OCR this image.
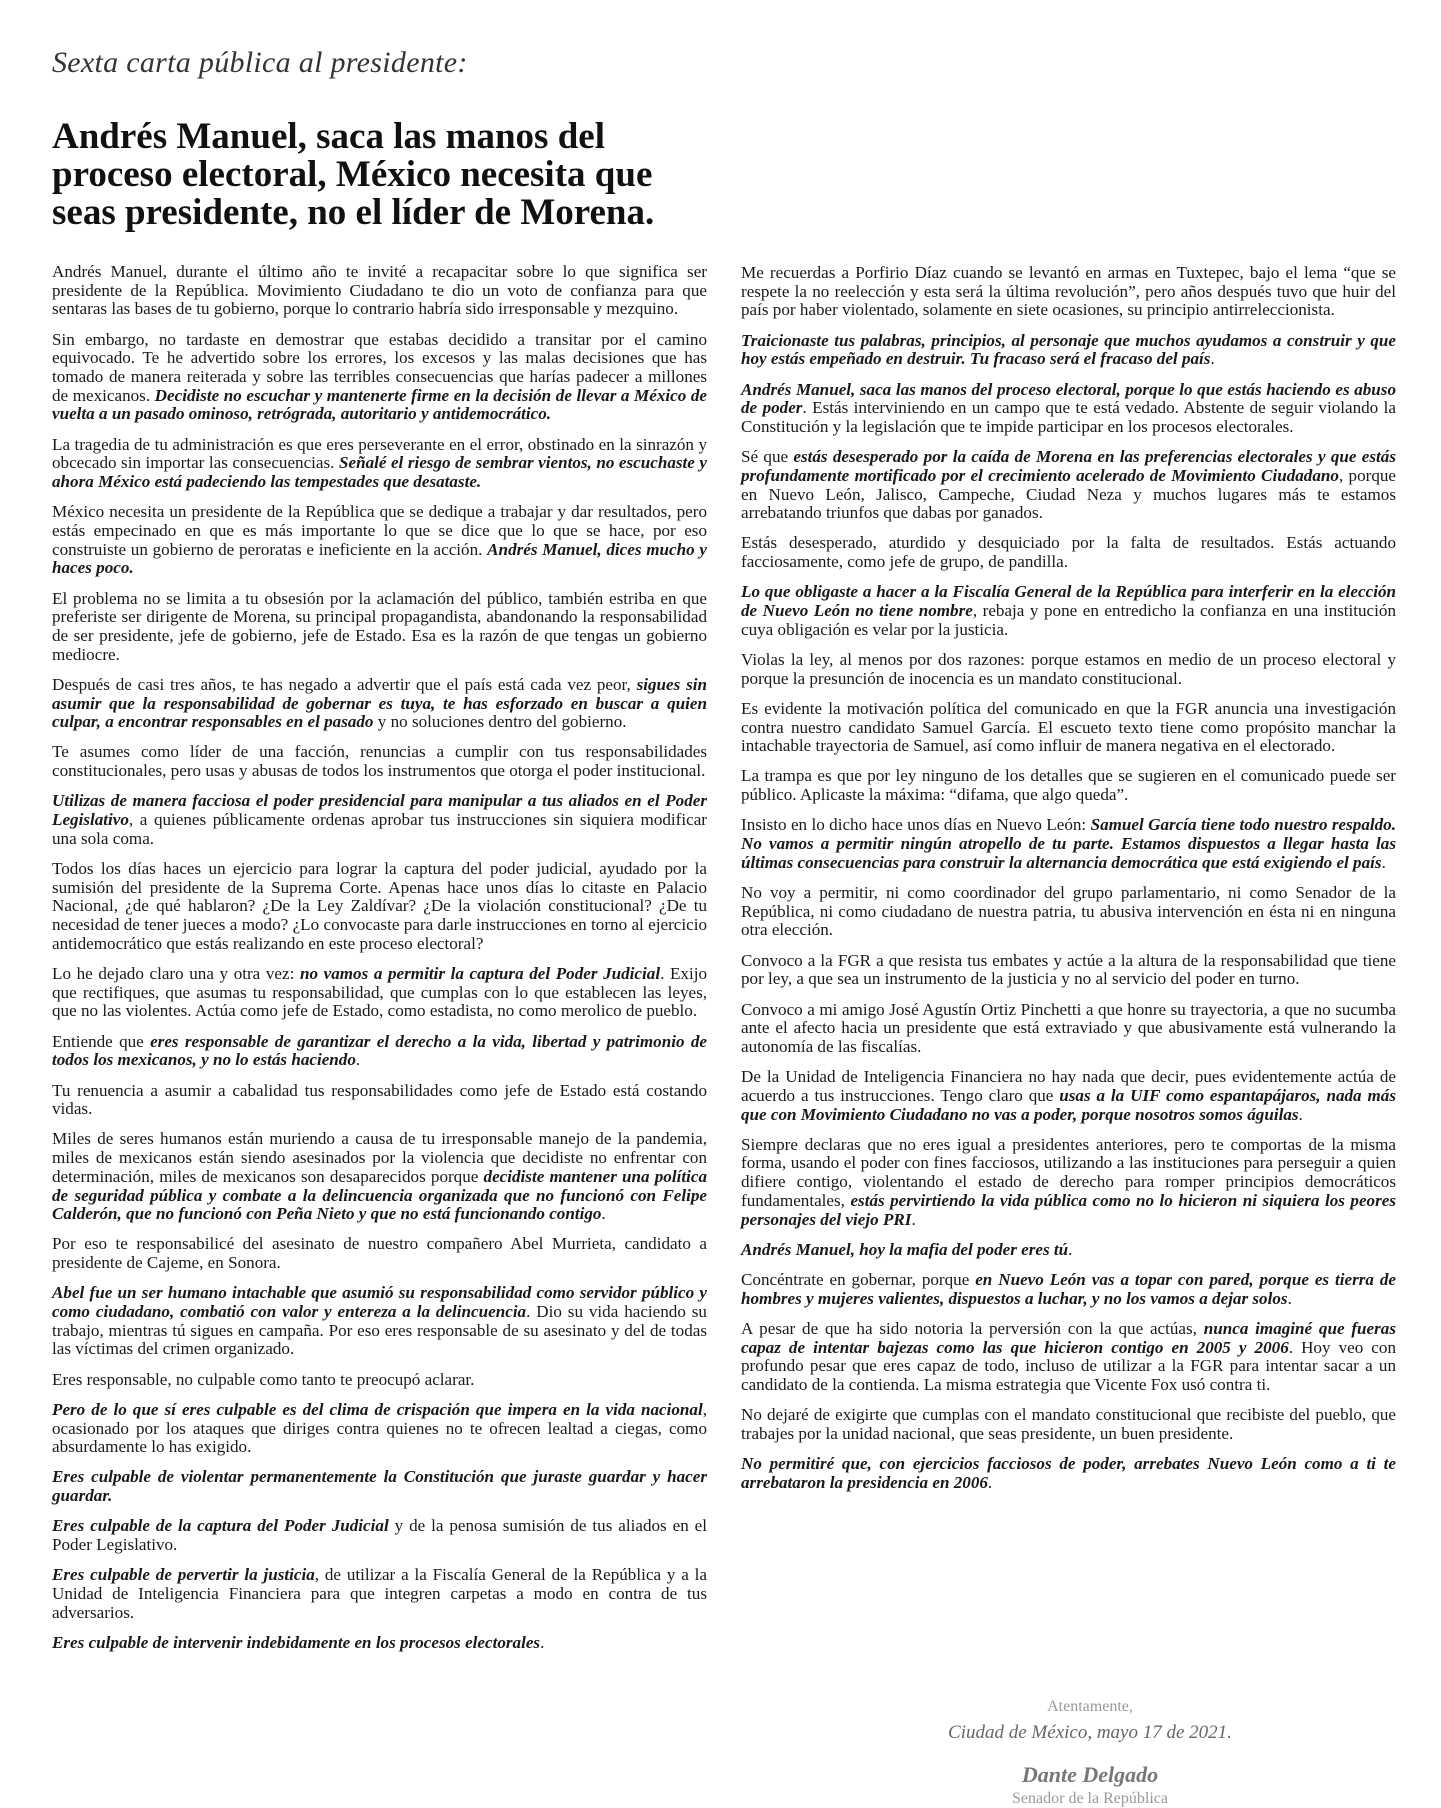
Sexta carta pública al presidente:
Andrés Manuel, saca las manos del proceso electoral, México necesita que seas presidente, no el líder de Morena.

Andrés Manuel, durante el último año te invité a recapacitar sobre lo que significa ser presidente de la República. Movimiento Ciudadano te dio un voto de confianza para que sentaras las bases de tu gobierno, porque lo contrario habría sido irresponsable y mezquino.

Sin embargo, no tardaste en demostrar que estabas decidido a transitar por el camino equivocado. Te he advertido sobre los errores, los excesos y las malas decisiones que has tomado de manera reiterada y sobre las terribles consecuencias que harías padecer a millones de mexicanos. Decidiste no escuchar y mantenerte firme en la decisión de llevar a México de vuelta a un pasado ominoso, retrógrada, autoritario y antidemocrático.

La tragedia de tu administración es que eres perseverante en el error, obstinado en la sinrazón y obcecado sin importar las consecuencias. Señalé el riesgo de sembrar vientos, no escuchaste y ahora México está padeciendo las tempestades que desataste.

México necesita un presidente de la República que se dedique a trabajar y dar resultados, pero estás empecinado en que es más importante lo que se dice que lo que se hace, por eso construiste un gobierno de peroratas e ineficiente en la acción. Andrés Manuel, dices mucho y haces poco.

El problema no se limita a tu obsesión por la aclamación del público, también estriba en que preferiste ser dirigente de Morena, su principal propagandista, abandonando la responsabilidad de ser presidente, jefe de gobierno, jefe de Estado. Esa es la razón de que tengas un gobierno mediocre.

Después de casi tres años, te has negado a advertir que el país está cada vez peor, sigues sin asumir que la responsabilidad de gobernar es tuya, te has esforzado en buscar a quien culpar, a encontrar responsables en el pasado y no soluciones dentro del gobierno.

Te asumes como líder de una facción, renuncias a cumplir con tus responsabilidades constitucionales, pero usas y abusas de todos los instrumentos que otorga el poder institucional.

Utilizas de manera facciosa el poder presidencial para manipular a tus aliados en el Poder Legislativo, a quienes públicamente ordenas aprobar tus instrucciones sin siquiera modificar una sola coma.

Todos los días haces un ejercicio para lograr la captura del poder judicial, ayudado por la sumisión del presidente de la Suprema Corte. Apenas hace unos días lo citaste en Palacio Nacional, ¿de qué hablaron? ¿De la Ley Zaldívar? ¿De la violación constitucional? ¿De tu necesidad de tener jueces a modo? ¿Lo convocaste para darle instrucciones en torno al ejercicio antidemocrático que estás realizando en este proceso electoral?

Lo he dejado claro una y otra vez: no vamos a permitir la captura del Poder Judicial. Exijo que rectifiques, que asumas tu responsabilidad, que cumplas con lo que establecen las leyes, que no las violentes. Actúa como jefe de Estado, como estadista, no como merolico de pueblo.

Entiende que eres responsable de garantizar el derecho a la vida, libertad y patrimonio de todos los mexicanos, y no lo estás haciendo.

Tu renuencia a asumir a cabalidad tus responsabilidades como jefe de Estado está costando vidas.

Miles de seres humanos están muriendo a causa de tu irresponsable manejo de la pandemia, miles de mexicanos están siendo asesinados por la violencia que decidiste no enfrentar con determinación, miles de mexicanos son desaparecidos porque decidiste mantener una política de seguridad pública y combate a la delincuencia organizada que no funcionó con Felipe Calderón, que no funcionó con Peña Nieto y que no está funcionando contigo.

Por eso te responsabilicé del asesinato de nuestro compañero Abel Murrieta, candidato a presidente de Cajeme, en Sonora.

Abel fue un ser humano intachable que asumió su responsabilidad como servidor público y como ciudadano, combatió con valor y entereza a la delincuencia. Dio su vida haciendo su trabajo, mientras tú sigues en campaña. Por eso eres responsable de su asesinato y del de todas las víctimas del crimen organizado.

Eres responsable, no culpable como tanto te preocupó aclarar.

Pero de lo que sí eres culpable es del clima de crispación que impera en la vida nacional, ocasionado por los ataques que diriges contra quienes no te ofrecen lealtad a ciegas, como absurdamente lo has exigido.

Eres culpable de violentar permanentemente la Constitución que juraste guardar y hacer guardar.

Eres culpable de la captura del Poder Judicial y de la penosa sumisión de tus aliados en el Poder Legislativo.

Eres culpable de pervertir la justicia, de utilizar a la Fiscalía General de la República y a la Unidad de Inteligencia Financiera para que integren carpetas a modo en contra de tus adversarios.

Eres culpable de intervenir indebidamente en los procesos electorales.

Me recuerdas a Porfirio Díaz cuando se levantó en armas en Tuxtepec, bajo el lema “que se respete la no reelección y esta será la última revolución”, pero años después tuvo que huir del país por haber violentado, solamente en siete ocasiones, su principio antirreleccionista.

Traicionaste tus palabras, principios, al personaje que muchos ayudamos a construir y que hoy estás empeñado en destruir. Tu fracaso será el fracaso del país.

Andrés Manuel, saca las manos del proceso electoral, porque lo que estás haciendo es abuso de poder. Estás interviniendo en un campo que te está vedado. Abstente de seguir violando la Constitución y la legislación que te impide participar en los procesos electorales.

Sé que estás desesperado por la caída de Morena en las preferencias electorales y que estás profundamente mortificado por el crecimiento acelerado de Movimiento Ciudadano, porque en Nuevo León, Jalisco, Campeche, Ciudad Neza y muchos lugares más te estamos arrebatando triunfos que dabas por ganados.

Estás desesperado, aturdido y desquiciado por la falta de resultados. Estás actuando facciosamente, como jefe de grupo, de pandilla.

Lo que obligaste a hacer a la Fiscalía General de la República para interferir en la elección de Nuevo León no tiene nombre, rebaja y pone en entredicho la confianza en una institución cuya obligación es velar por la justicia.

Violas la ley, al menos por dos razones: porque estamos en medio de un proceso electoral y porque la presunción de inocencia es un mandato constitucional.

Es evidente la motivación política del comunicado en que la FGR anuncia una investigación contra nuestro candidato Samuel García. El escueto texto tiene como propósito manchar la intachable trayectoria de Samuel, así como influir de manera negativa en el electorado.

La trampa es que por ley ninguno de los detalles que se sugieren en el comunicado puede ser público. Aplicaste la máxima: “difama, que algo queda”.

Insisto en lo dicho hace unos días en Nuevo León: Samuel García tiene todo nuestro respaldo. No vamos a permitir ningún atropello de tu parte. Estamos dispuestos a llegar hasta las últimas consecuencias para construir la alternancia democrática que está exigiendo el país.

No voy a permitir, ni como coordinador del grupo parlamentario, ni como Senador de la República, ni como ciudadano de nuestra patria, tu abusiva intervención en ésta ni en ninguna otra elección.

Convoco a la FGR a que resista tus embates y actúe a la altura de la responsabilidad que tiene por ley, a que sea un instrumento de la justicia y no al servicio del poder en turno.

Convoco a mi amigo José Agustín Ortiz Pinchetti a que honre su trayectoria, a que no sucumba ante el afecto hacia un presidente que está extraviado y que abusivamente está vulnerando la autonomía de las fiscalías.

De la Unidad de Inteligencia Financiera no hay nada que decir, pues evidentemente actúa de acuerdo a tus instrucciones. Tengo claro que usas a la UIF como espantapájaros, nada más que con Movimiento Ciudadano no vas a poder, porque nosotros somos águilas.

Siempre declaras que no eres igual a presidentes anteriores, pero te comportas de la misma forma, usando el poder con fines facciosos, utilizando a las instituciones para perseguir a quien difiere contigo, violentando el estado de derecho para romper principios democráticos fundamentales, estás pervirtiendo la vida pública como no lo hicieron ni siquiera los peores personajes del viejo PRI.

Andrés Manuel, hoy la mafia del poder eres tú.

Concéntrate en gobernar, porque en Nuevo León vas a topar con pared, porque es tierra de hombres y mujeres valientes, dispuestos a luchar, y no los vamos a dejar solos.

A pesar de que ha sido notoria la perversión con la que actúas, nunca imaginé que fueras capaz de intentar bajezas como las que hicieron contigo en 2005 y 2006. Hoy veo con profundo pesar que eres capaz de todo, incluso de utilizar a la FGR para intentar sacar a un candidato de la contienda. La misma estrategia que Vicente Fox usó contra ti.

No dejaré de exigirte que cumplas con el mandato constitucional que recibiste del pueblo, que trabajes por la unidad nacional, que seas presidente, un buen presidente.

No permitiré que, con ejercicios facciosos de poder, arrebates Nuevo León como a ti te arrebataron la presidencia en 2006.

Atentamente,
Ciudad de México, mayo 17 de 2021.
Dante Delgado
Senador de la República
